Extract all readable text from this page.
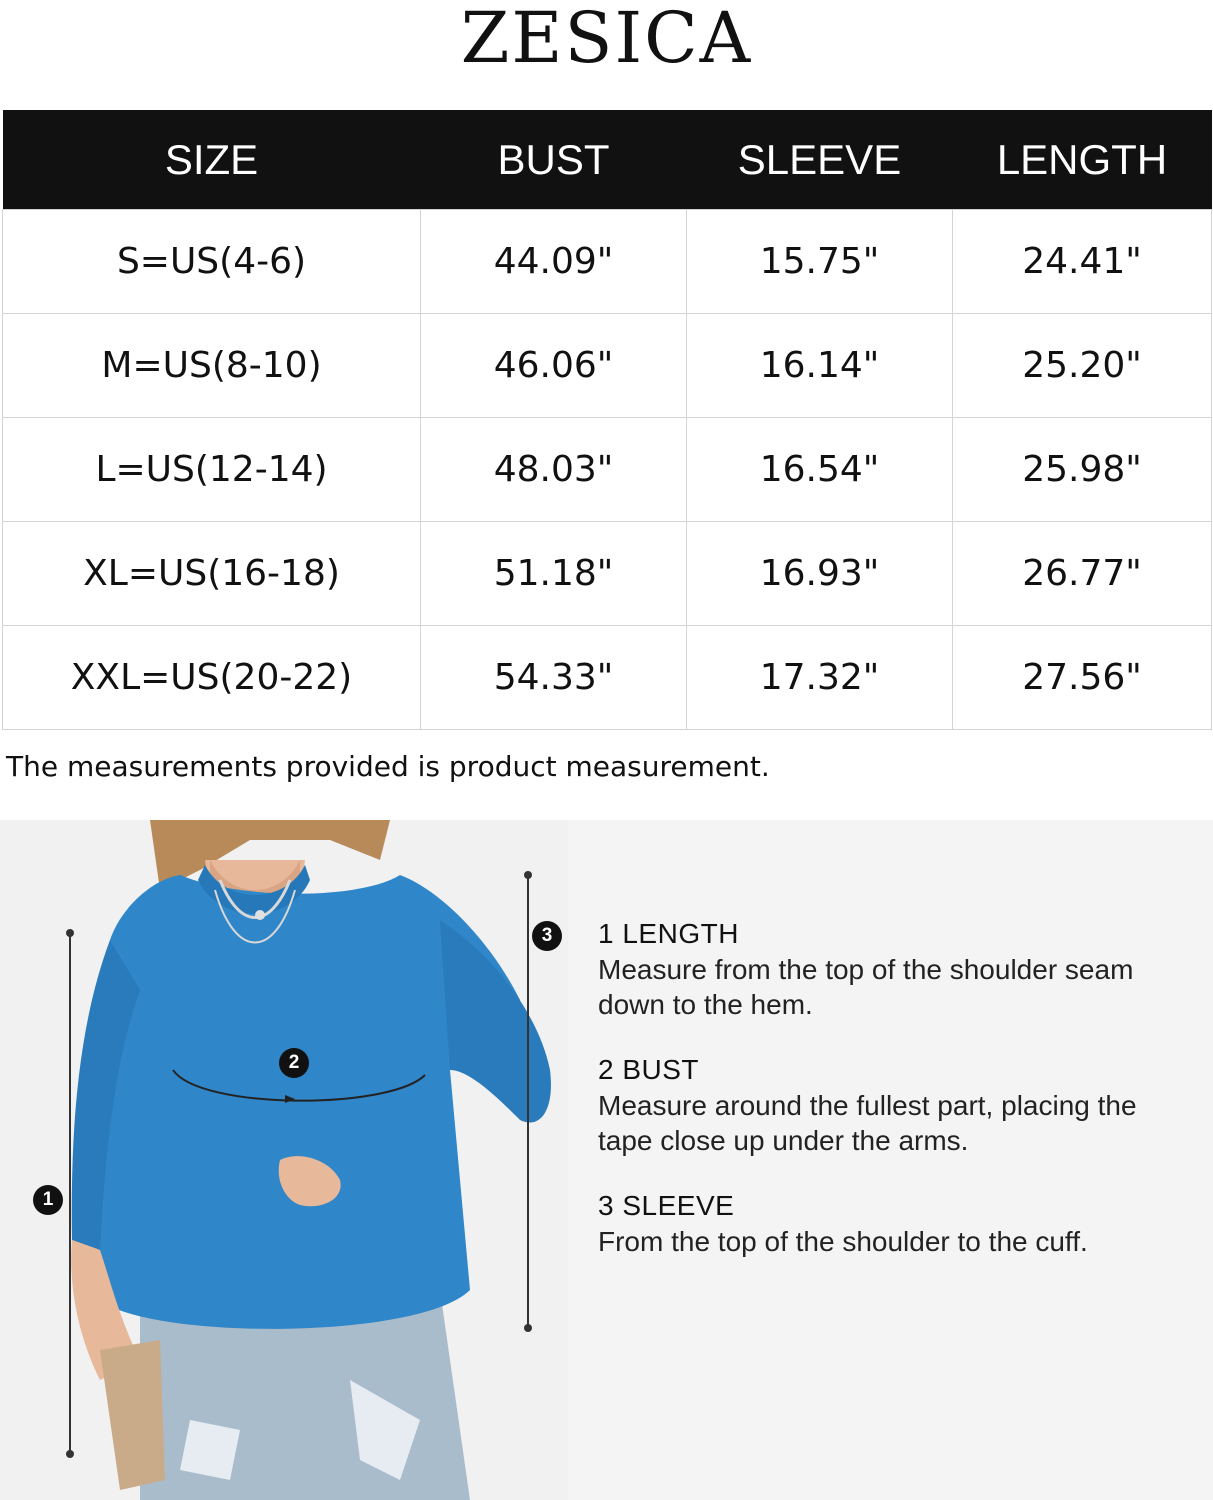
ZESICA
SIZE	BUST	SLEEVE	LENGTH
S=US(4-6)	44.09"	15.75"	24.41"
M=US(8-10)	46.06"	16.14"	25.20"
L=US(12-14)	48.03"	16.54"	25.98"
XL=US(16-18)	51.18"	16.93"	26.77"
XXL=US(20-22)	54.33"	17.32"	27.56"
The measurements provided is product measurement.
1
2
3	1 LENGTH
Measure from the top of the shoulder seam down to the hem.
2 BUST
Measure around the fullest part, placing the tape close up under the arms.
3 SLEEVE
From the top of the shoulder to the cuff.
